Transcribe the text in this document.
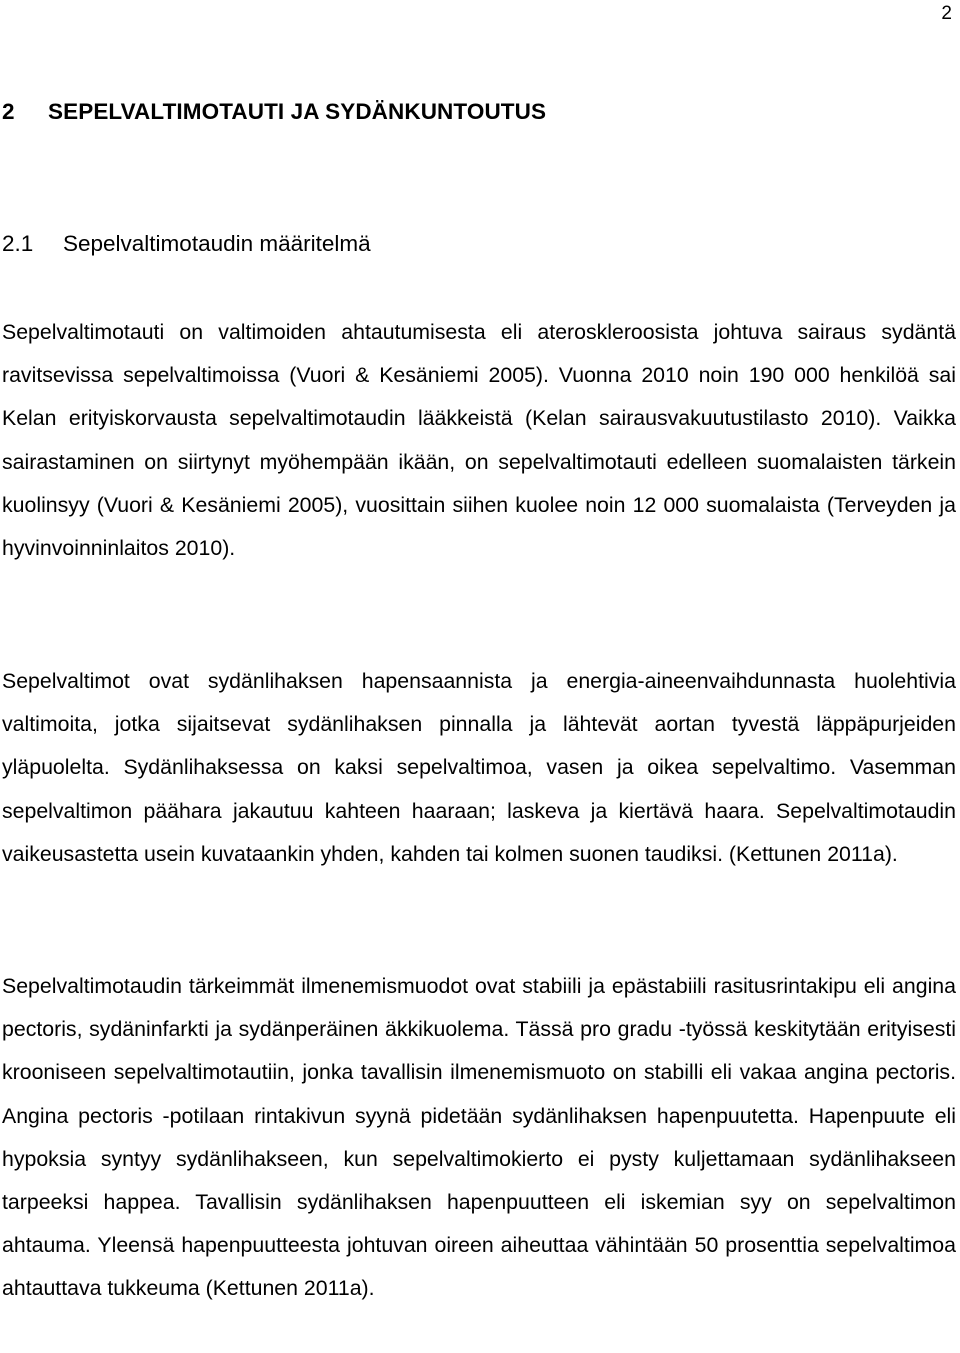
2
2 SEPELVALTIMOTAUTI JA SYDÄNKUNTOUTUS
2.1 Sepelvaltimotaudin määritelmä

Sepelvaltimotauti on valtimoiden ahtautumisesta eli ateroskleroosista johtuva sairaus sydäntä ravitsevissa sepelvaltimoissa (Vuori & Kesäniemi 2005). Vuonna 2010 noin 190 000 henkilöä sai Kelan erityiskorvausta sepelvaltimotaudin lääkkeistä (Kelan sairausvakuutustilasto 2010). Vaikka sairastaminen on siirtynyt myöhempään ikään, on sepelvaltimotauti edelleen suomalaisten tärkein kuolinsyy (Vuori & Kesäniemi 2005), vuosittain siihen kuolee noin 12 000 suomalaista (Terveyden ja hyvinvoinninlaitos 2010).

Sepelvaltimot ovat sydänlihaksen hapensaannista ja energia-aineenvaihdunnasta huolehtivia valtimoita, jotka sijaitsevat sydänlihaksen pinnalla ja lähtevät aortan tyvestä läppäpurjeiden yläpuolelta. Sydänlihaksessa on kaksi sepelvaltimoa, vasen ja oikea sepelvaltimo. Vasemman sepelvaltimon päähara jakautuu kahteen haaraan; laskeva ja kiertävä haara. Sepelvaltimotaudin vaikeusastetta usein kuvataankin yhden, kahden tai kolmen suonen taudiksi. (Kettunen 2011a).

Sepelvaltimotaudin tärkeimmät ilmenemismuodot ovat stabiili ja epästabiili rasitusrintakipu eli angina pectoris, sydäninfarkti ja sydänperäinen äkkikuolema. Tässä pro gradu -työssä keskitytään erityisesti krooniseen sepelvaltimotautiin, jonka tavallisin ilmenemismuoto on stabilli eli vakaa angina pectoris. Angina pectoris -potilaan rintakivun syynä pidetään sydänlihaksen hapenpuutetta. Hapenpuute eli hypoksia syntyy sydänlihakseen, kun sepelvaltimokierto ei pysty kuljettamaan sydänlihakseen tarpeeksi happea. Tavallisin sydänlihaksen hapenpuutteen eli iskemian syy on sepelvaltimon ahtauma. Yleensä hapenpuutteesta johtuvan oireen aiheuttaa vähintään 50 prosenttia sepelvaltimoa ahtauttava tukkeuma (Kettunen 2011a).
